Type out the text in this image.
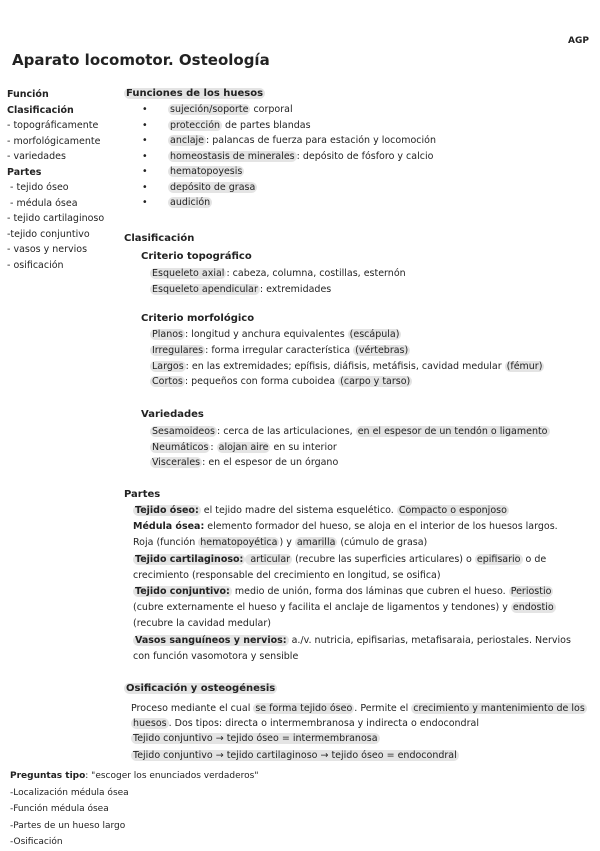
AGP
Aparato locomotor. Osteología
Función
Clasificación
- topográficamente
- morfológicamente
- variedades
Partes
- tejido óseo
- médula ósea
- tejido cartilaginoso
-tejido conjuntivo
- vasos y nervios
- osificación
Funciones de los huesos
• sujeción/soporte corporal
• protección de partes blandas
• anclaje : palancas de fuerza para estación y locomoción
• homeostasis de minerales : depósito de fósforo y calcio
• hematopoyesis
• depósito de grasa
• audición
Clasificación
Criterio topográfico
Esqueleto axial : cabeza, columna, costillas, esternón
Esqueleto apendicular : extremidades
Criterio morfológico
Planos : longitud y anchura equivalentes (escápula)
Irregulares : forma irregular característica (vértebras)
Largos : en las extremidades; epífisis, diáfisis, metáfisis, cavidad medular (fémur)
Cortos : pequeños con forma cuboidea (carpo y tarso)
Variedades
Sesamoideos : cerca de las articulaciones, en el espesor de un tendón o ligamento
Neumáticos : alojan aire en su interior
Viscerales : en el espesor de un órgano
Partes
Tejido óseo: el tejido madre del sistema esquelético. Compacto o esponjoso
Médula ósea: elemento formador del hueso, se aloja en el interior de los huesos largos.
Roja (función hematopoyética ) y amarilla (cúmulo de grasa)
Tejido cartilaginoso: articular (recubre las superficies articulares) o epifisario o de
crecimiento (responsable del crecimiento en longitud, se osifica)
Tejido conjuntivo: medio de unión, forma dos láminas que cubren el hueso. Periostio
(cubre externamente el hueso y facilita el anclaje de ligamentos y tendones) y endostio
(recubre la cavidad medular)
Vasos sanguíneos y nervios: a./v. nutricia, epifisarias, metafisaraia, periostales. Nervios
con función vasomotora y sensible
Osificación y osteogénesis
Proceso mediante el cual se forma tejido óseo . Permite el crecimiento y mantenimiento de los
huesos . Dos tipos: directa o intermembranosa y indirecta o endocondral
Tejido conjuntivo → tejido óseo = intermembranosa
Tejido conjuntivo → tejido cartilaginoso → tejido óseo = endocondral
Preguntas tipo: "escoger los enunciados verdaderos"
-Localización médula ósea
-Función médula ósea
-Partes de un hueso largo
-Osificación
